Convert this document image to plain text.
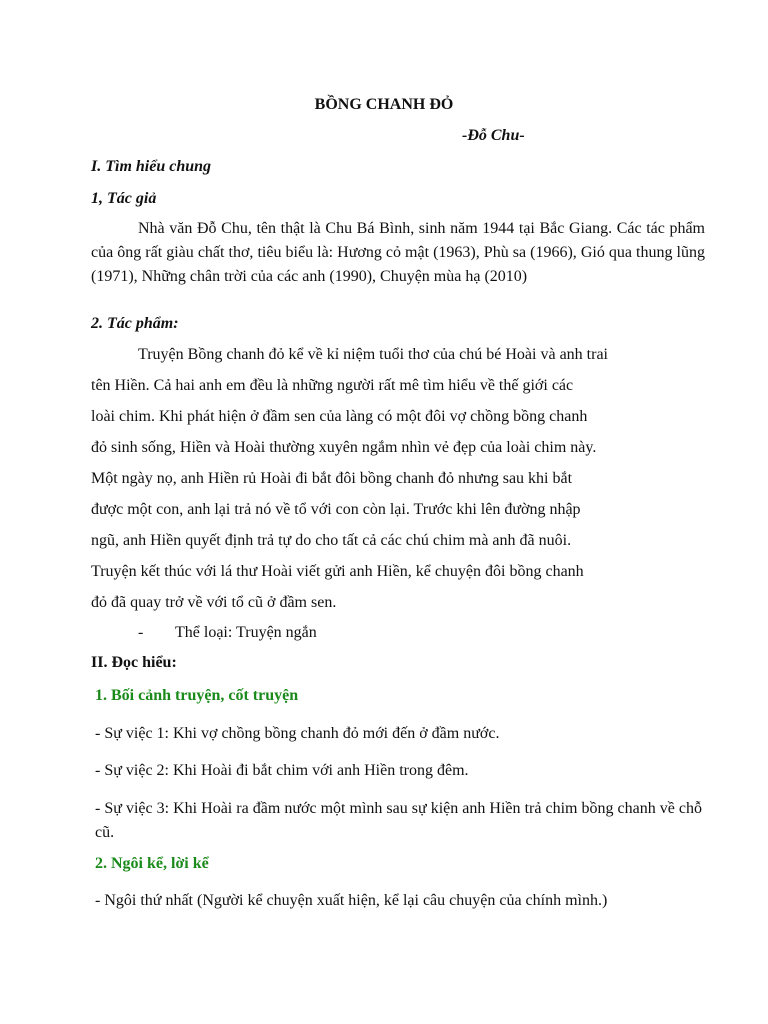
BỒNG CHANH ĐỎ
-Đỗ Chu-
I. Tìm hiểu chung
1, Tác giả
Nhà văn Đỗ Chu, tên thật là Chu Bá Bình, sinh năm 1944 tại Bắc Giang. Các tác phẩm của ông rất giàu chất thơ, tiêu biểu là: Hương cỏ mật (1963), Phù sa (1966), Gió qua thung lũng (1971), Những chân trời của các anh (1990), Chuyện mùa hạ (2010)
2. Tác phẩm:
Truyện Bồng chanh đỏ kể về kỉ niệm tuổi thơ của chú bé Hoài và anh trai
tên Hiền. Cả hai anh em đều là những người rất mê tìm hiểu về thế giới các
loài chim. Khi phát hiện ở đầm sen của làng có một đôi vợ chồng bồng chanh
đỏ sinh sống, Hiền và Hoài thường xuyên ngắm nhìn vẻ đẹp của loài chim này.
Một ngày nọ, anh Hiền rủ Hoài đi bắt đôi bồng chanh đỏ nhưng sau khi bắt
được một con, anh lại trả nó về tổ với con còn lại. Trước khi lên đường nhập
ngũ, anh Hiền quyết định trả tự do cho tất cả các chú chim mà anh đã nuôi.
Truyện kết thúc với lá thư Hoài viết gửi anh Hiền, kể chuyện đôi bồng chanh
đỏ đã quay trở về với tổ cũ ở đầm sen.
- Thể loại: Truyện ngắn
II. Đọc hiểu:
1. Bối cảnh truyện, cốt truyện
- Sự việc 1: Khi vợ chồng bồng chanh đỏ mới đến ở đầm nước.
- Sự việc 2: Khi Hoài đi bắt chim với anh Hiền trong đêm.
- Sự việc 3: Khi Hoài ra đầm nước một mình sau sự kiện anh Hiền trả chim bồng chanh về chỗ cũ.
2. Ngôi kể, lời kể
- Ngôi thứ nhất (Người kể chuyện xuất hiện, kể lại câu chuyện của chính mình.)
